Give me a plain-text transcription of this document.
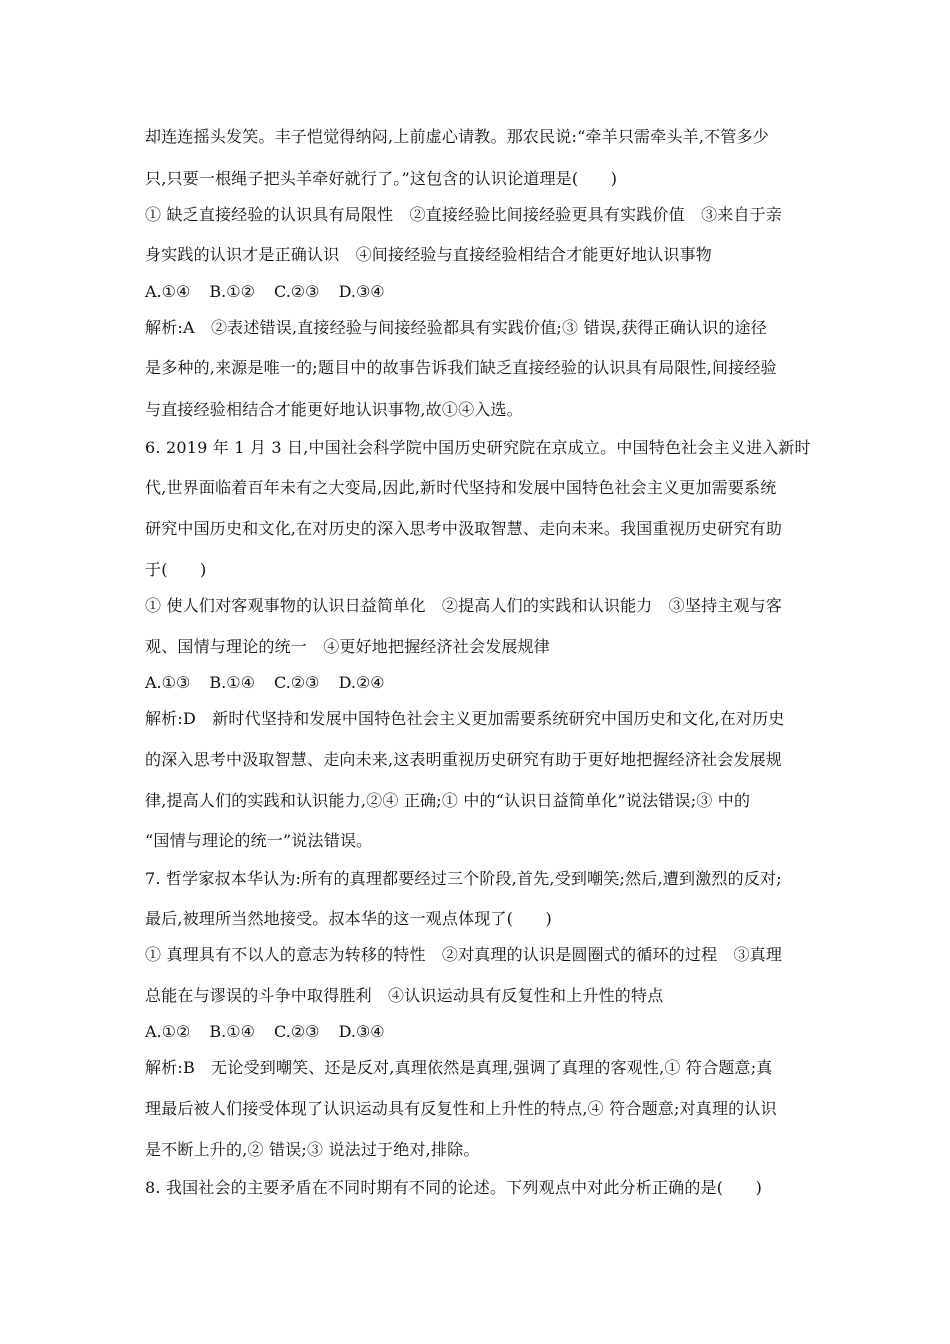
却连连摇头发笑。丰子恺觉得纳闷,上前虚心请教。那农民说:“牵羊只需牵头羊,不管多少
只,只要一根绳子把头羊牵好就行了。”这包含的认识论道理是(　　)
① 缺乏直接经验的认识具有局限性　②直接经验比间接经验更具有实践价值　③来自于亲
身实践的认识才是正确认识　④间接经验与直接经验相结合才能更好地认识事物
A.①④ B.①② C.②③ D.③④
解析:A　②表述错误,直接经验与间接经验都具有实践价值;③ 错误,获得正确认识的途径
是多种的,来源是唯一的;题目中的故事告诉我们缺乏直接经验的认识具有局限性,间接经验
与直接经验相结合才能更好地认识事物,故①④入选。
6. 2019 年 1 月 3 日,中国社会科学院中国历史研究院在京成立。中国特色社会主义进入新时
代,世界面临着百年未有之大变局,因此,新时代坚持和发展中国特色社会主义更加需要系统
研究中国历史和文化,在对历史的深入思考中汲取智慧、走向未来。我国重视历史研究有助
于(　　)
① 使人们对客观事物的认识日益简单化　②提高人们的实践和认识能力　③坚持主观与客
观、国情与理论的统一　④更好地把握经济社会发展规律
A.①③ B.①④ C.②③ D.②④
解析:D　新时代坚持和发展中国特色社会主义更加需要系统研究中国历史和文化,在对历史
的深入思考中汲取智慧、走向未来,这表明重视历史研究有助于更好地把握经济社会发展规
律,提高人们的实践和认识能力,②④ 正确;① 中的“认识日益简单化”说法错误;③ 中的
“国情与理论的统一”说法错误。
7. 哲学家叔本华认为:所有的真理都要经过三个阶段,首先,受到嘲笑;然后,遭到激烈的反对;
最后,被理所当然地接受。叔本华的这一观点体现了(　　)
① 真理具有不以人的意志为转移的特性　②对真理的认识是圆圈式的循环的过程　③真理
总能在与谬误的斗争中取得胜利　④认识运动具有反复性和上升性的特点
A.①② B.①④ C.②③ D.③④
解析:B　无论受到嘲笑、还是反对,真理依然是真理,强调了真理的客观性,① 符合题意;真
理最后被人们接受体现了认识运动具有反复性和上升性的特点,④ 符合题意;对真理的认识
是不断上升的,② 错误;③ 说法过于绝对,排除。
8. 我国社会的主要矛盾在不同时期有不同的论述。下列观点中对此分析正确的是(　　)
